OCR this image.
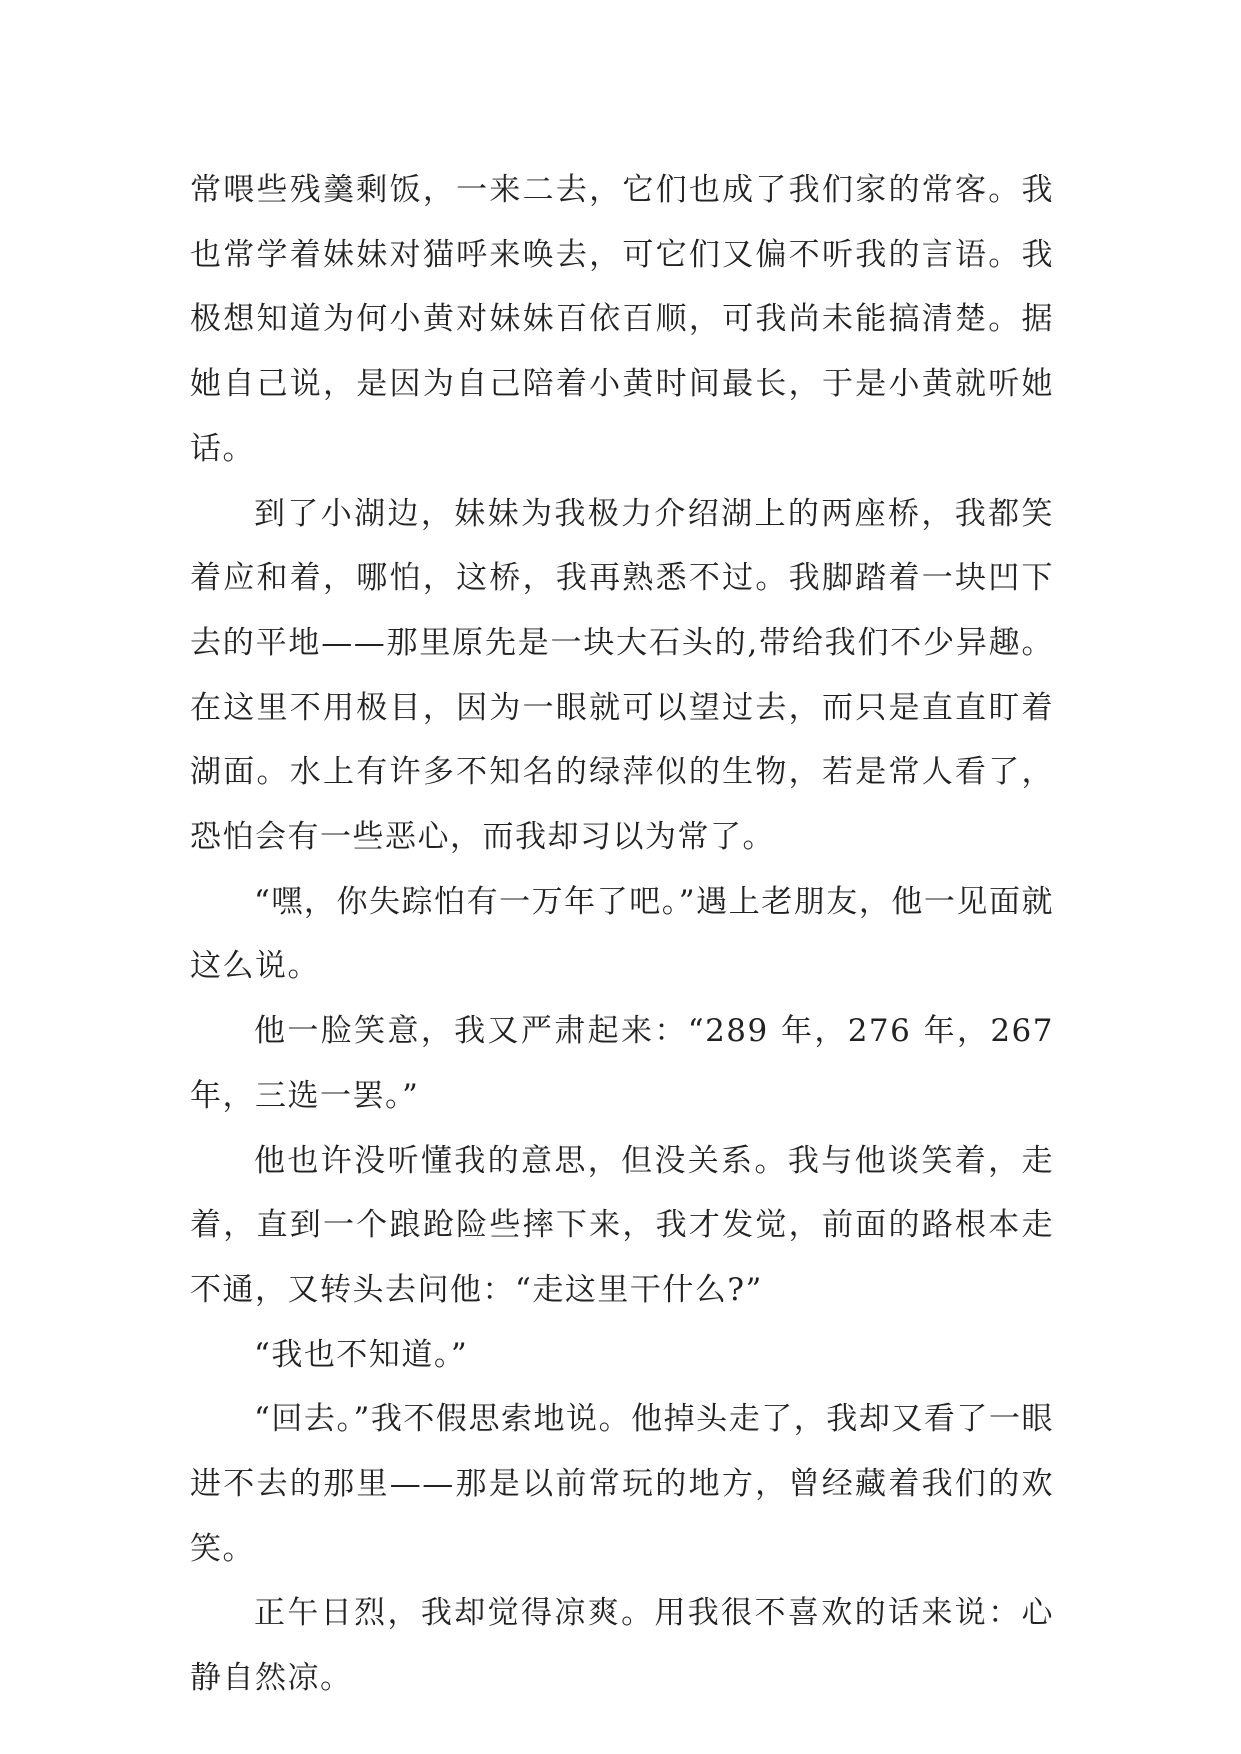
常喂些残羹剩饭，一来二去，它们也成了我们家的常客。我也常学着妹妹对猫呼来唤去，可它们又偏不听我的言语。我极想知道为何小黄对妹妹百依百顺，可我尚未能搞清楚。据她自己说，是因为自己陪着小黄时间最长，于是小黄就听她话。

到了小湖边，妹妹为我极力介绍湖上的两座桥，我都笑着应和着，哪怕，这桥，我再熟悉不过。我脚踏着一块凹下去的平地——那里原先是一块大石头的,带给我们不少异趣。在这里不用极目，因为一眼就可以望过去，而只是直直盯着湖面。水上有许多不知名的绿萍似的生物，若是常人看了，恐怕会有一些恶心，而我却习以为常了。

“嘿，你失踪怕有一万年了吧。”遇上老朋友，他一见面就这么说。

他一脸笑意，我又严肃起来：“289 年，276 年，267 年，三选一罢。”

他也许没听懂我的意思，但没关系。我与他谈笑着，走着，直到一个踉跄险些摔下来，我才发觉，前面的路根本走不通，又转头去问他：“走这里干什么?”

“我也不知道。”

“回去。”我不假思索地说。他掉头走了，我却又看了一眼进不去的那里——那是以前常玩的地方，曾经藏着我们的欢笑。

正午日烈，我却觉得凉爽。用我很不喜欢的话来说：心静自然凉。
